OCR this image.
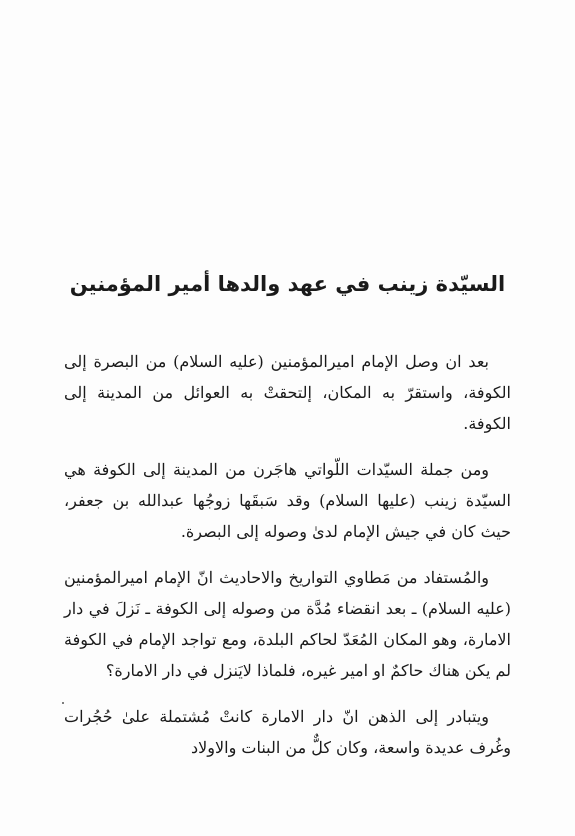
السيّدة زينب في عهد والدها أمير المؤمنين

بعد ان وصل الإمام اميرالمؤمنين (عليه السلام) من البصرة إلى الكوفة، واستقرّ به المكان، إلتحقتْ به العوائل من المدينة إلى الكوفة.

ومن جملة السيّدات اللّواتي هاجَرن من المدينة إلى الكوفة هي السيّدة زينب (عليها السلام) وقد سَبقَها زوجُها عبدالله بن جعفر، حيث كان في جيش الإمام لدىٰ وصوله إلى البصرة.

والمُستفاد من مَطاوي التواريخ والاحاديث انّ الإمام اميرالمؤمنين (عليه السلام) ـ بعد انقضاء مُدَّة من وصوله إلى الكوفة ـ نَزلَ في دار الامارة، وهو المكان المُعَدّ لحاكم البلدة، ومع تواجد الإمام في الكوفة لم يكن هناك حاكمٌ او امير غيره، فلماذا لايَنزل في دار الامارة؟

ويتبادر إلى الذهن انّ دار الامارة كانتْ مُشتملة علىٰ حُجُرات وغُرف عديدة واسعة، وكان كلٌّ من البنات والاولاد
